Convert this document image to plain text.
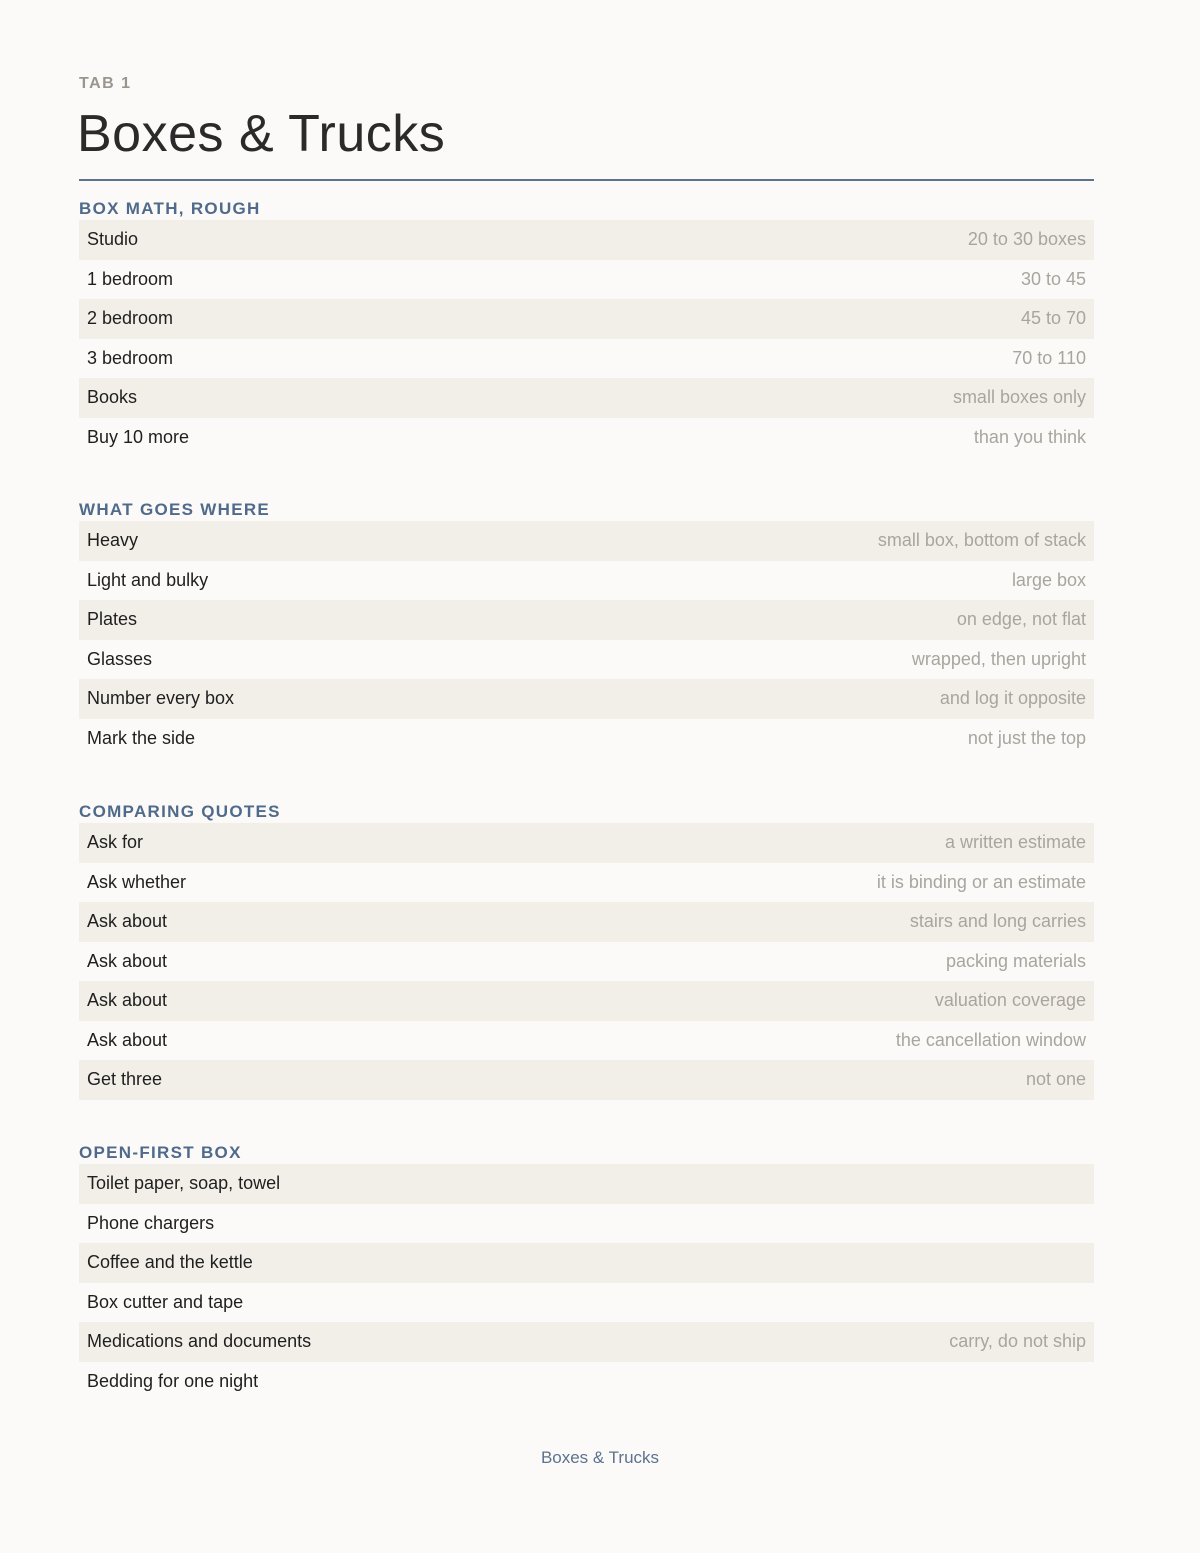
TAB 1
Boxes & Trucks
BOX MATH, ROUGH
Studio	20 to 30 boxes
1 bedroom	30 to 45
2 bedroom	45 to 70
3 bedroom	70 to 110
Books	small boxes only
Buy 10 more	than you think
WHAT GOES WHERE
Heavy	small box, bottom of stack
Light and bulky	large box
Plates	on edge, not flat
Glasses	wrapped, then upright
Number every box	and log it opposite
Mark the side	not just the top
COMPARING QUOTES
Ask for	a written estimate
Ask whether	it is binding or an estimate
Ask about	stairs and long carries
Ask about	packing materials
Ask about	valuation coverage
Ask about	the cancellation window
Get three	not one
OPEN-FIRST BOX
Toilet paper, soap, towel
Phone chargers
Coffee and the kettle
Box cutter and tape
Medications and documents	carry, do not ship
Bedding for one night
Boxes & Trucks
